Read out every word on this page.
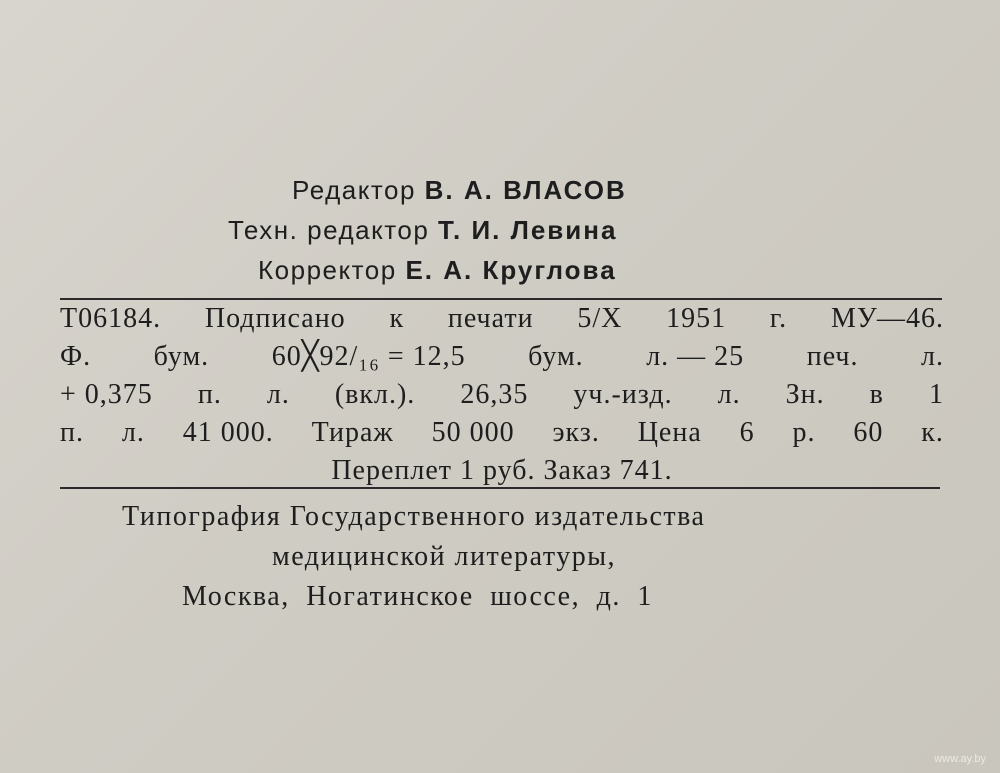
Редактор В. А. ВЛАСОВ
Техн. редактор Т. И. Левина
Корректор Е. А. Круглова
Т06184. Подписано к печати 5/X 1951 г. МУ—46.
Ф. бум. 60╳92/₁₆ = 12,5 бум. л. — 25 печ. л.
+ 0,375 п. л. (вкл.). 26,35 уч.-изд. л. Зн. в 1
п. л. 41 000. Тираж 50 000 экз. Цена 6 р. 60 к.
Переплет 1 руб. Заказ 741.
Типография Государственного издательства
медицинской литературы,
Москва, Ногатинское шоссе, д. 1
www.ay.by
